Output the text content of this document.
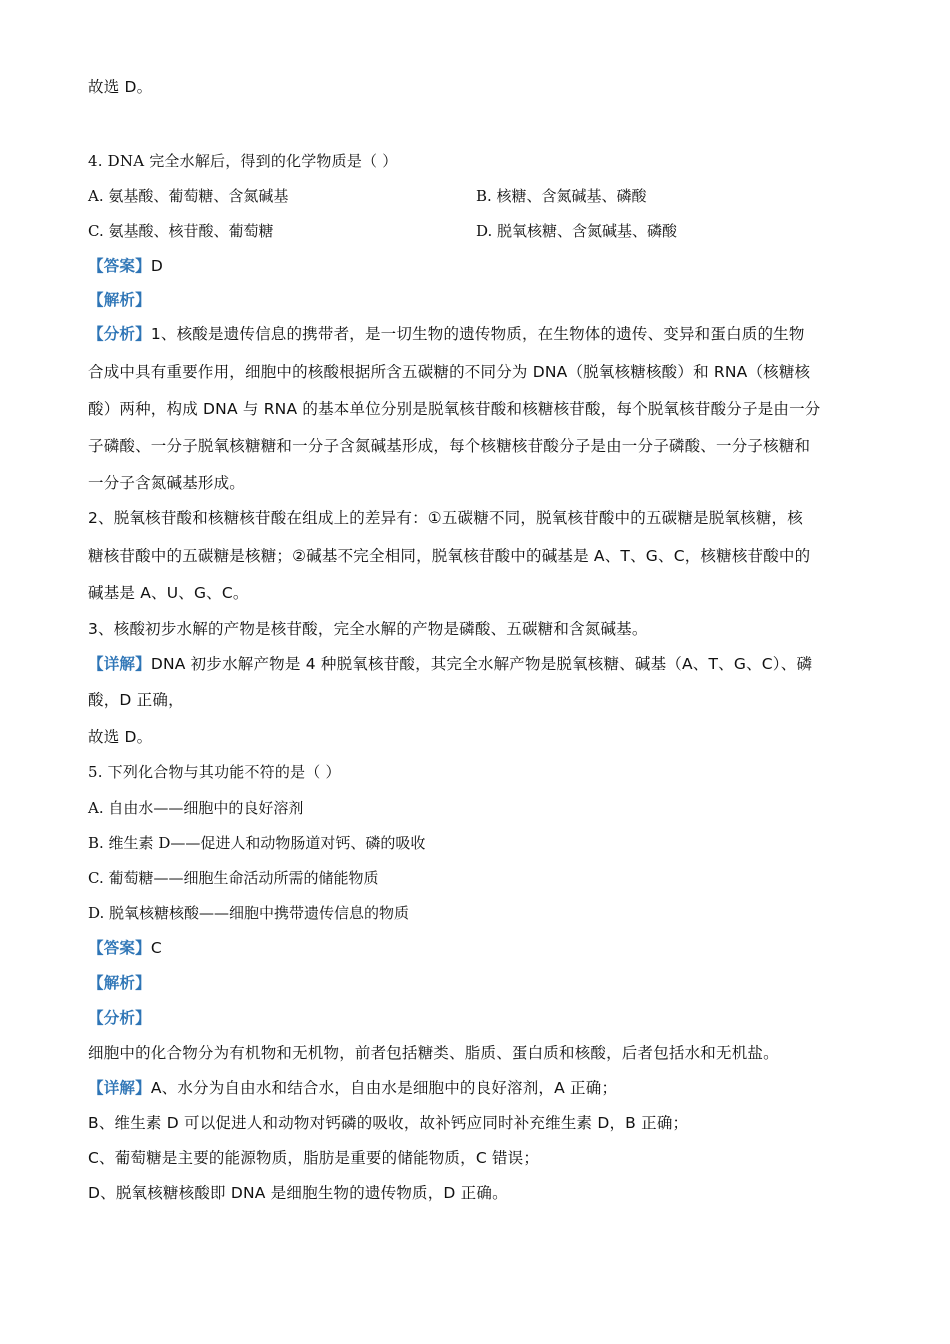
故选 D。
4. DNA 完全水解后，得到的化学物质是（ ）
A. 氨基酸、葡萄糖、含氮碱基	B. 核糖、含氮碱基、磷酸
C. 氨基酸、核苷酸、葡萄糖	D. 脱氧核糖、含氮碱基、磷酸
【答案】D
【解析】
【分析】1、核酸是遗传信息的携带者，是一切生物的遗传物质，在生物体的遗传、变异和蛋白质的生物
合成中具有重要作用，细胞中的核酸根据所含五碳糖的不同分为 DNA（脱氧核糖核酸）和 RNA（核糖核
酸）两种，构成 DNA 与 RNA 的基本单位分别是脱氧核苷酸和核糖核苷酸，每个脱氧核苷酸分子是由一分
子磷酸、一分子脱氧核糖糖和一分子含氮碱基形成，每个核糖核苷酸分子是由一分子磷酸、一分子核糖和
一分子含氮碱基形成。
2、脱氧核苷酸和核糖核苷酸在组成上的差异有：①五碳糖不同，脱氧核苷酸中的五碳糖是脱氧核糖，核
糖核苷酸中的五碳糖是核糖；②碱基不完全相同，脱氧核苷酸中的碱基是 A、T、G、C，核糖核苷酸中的
碱基是 A、U、G、C。
3、核酸初步水解的产物是核苷酸，完全水解的产物是磷酸、五碳糖和含氮碱基。
【详解】DNA 初步水解产物是 4 种脱氧核苷酸，其完全水解产物是脱氧核糖、碱基（A、T、G、C）、磷
酸，D 正确，
故选 D。
5. 下列化合物与其功能不符的是（ ）
A. 自由水——细胞中的良好溶剂
B. 维生素 D——促进人和动物肠道对钙、磷的吸收
C. 葡萄糖——细胞生命活动所需的储能物质
D. 脱氧核糖核酸——细胞中携带遗传信息的物质
【答案】C
【解析】
【分析】
细胞中的化合物分为有机物和无机物，前者包括糖类、脂质、蛋白质和核酸，后者包括水和无机盐。
【详解】A、水分为自由水和结合水，自由水是细胞中的良好溶剂，A 正确；
B、维生素 D 可以促进人和动物对钙磷的吸收，故补钙应同时补充维生素 D，B 正确；
C、葡萄糖是主要的能源物质，脂肪是重要的储能物质，C 错误；
D、脱氧核糖核酸即 DNA 是细胞生物的遗传物质，D 正确。
